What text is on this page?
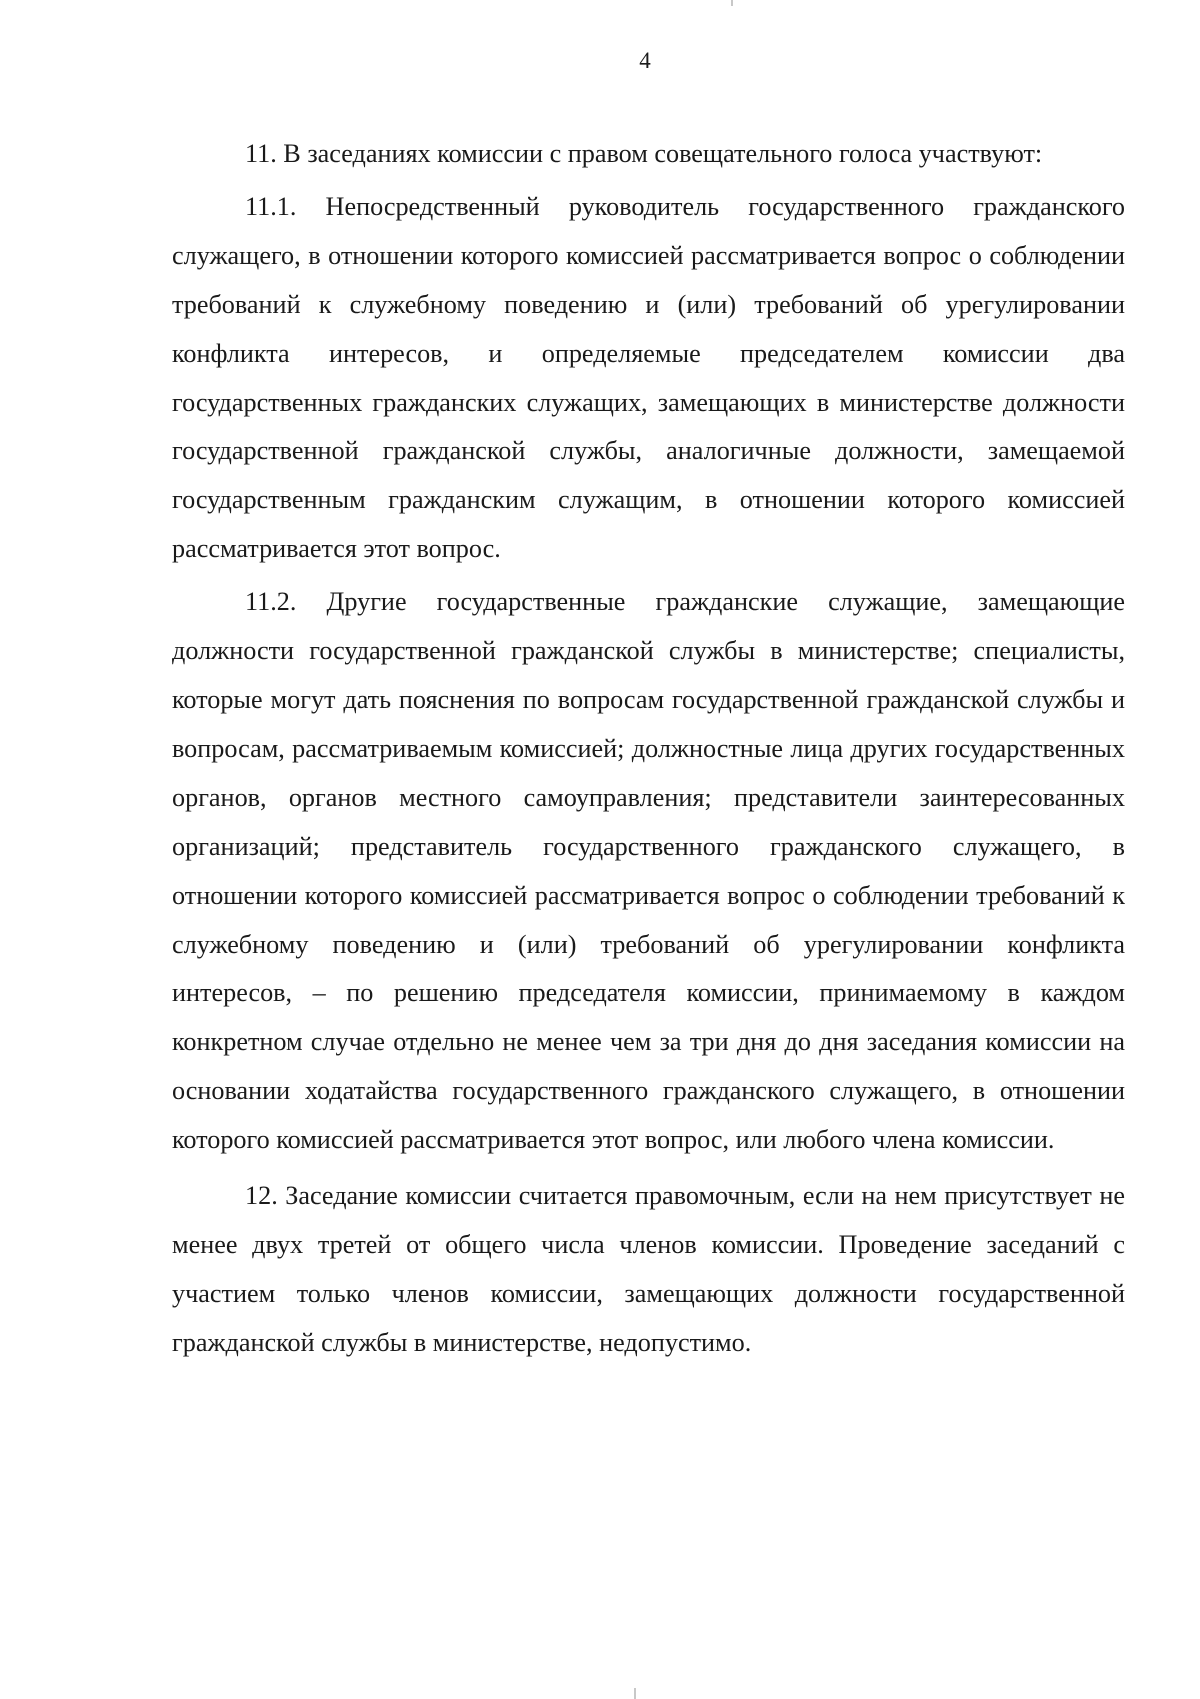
4

11. В заседаниях комиссии с правом совещательного голоса участвуют:

11.1. Непосредственный руководитель государственного гражданского служащего, в отношении которого комиссией рассматривается вопрос о соблюдении требований к служебному поведению и (или) требований об урегулировании конфликта интересов, и определяемые председателем комиссии два государственных гражданских служащих, замещающих в министерстве должности государственной гражданской службы, аналогичные должности, замещаемой государственным гражданским служащим, в отношении которого комиссией рассматривается этот вопрос.

11.2. Другие государственные гражданские служащие, замещающие должности государственной гражданской службы в министерстве; специалисты, которые могут дать пояснения по вопросам государственной гражданской службы и вопросам, рассматриваемым комиссией; должностные лица других государственных органов, органов местного самоуправления; представители заинтересованных организаций; представитель государственного гражданского служащего, в отношении которого комиссией рассматривается вопрос о соблюдении требований к служебному поведению и (или) требований об урегулировании конфликта интересов, – по решению председателя комиссии, принимаемому в каждом конкретном случае отдельно не менее чем за три дня до дня заседания комиссии на основании ходатайства государственного гражданского служащего, в отношении которого комиссией рассматривается этот вопрос, или любого члена комиссии.

12. Заседание комиссии считается правомочным, если на нем присутствует не менее двух третей от общего числа членов комиссии. Проведение заседаний с участием только членов комиссии, замещающих должности государственной гражданской службы в министерстве, недопустимо.
